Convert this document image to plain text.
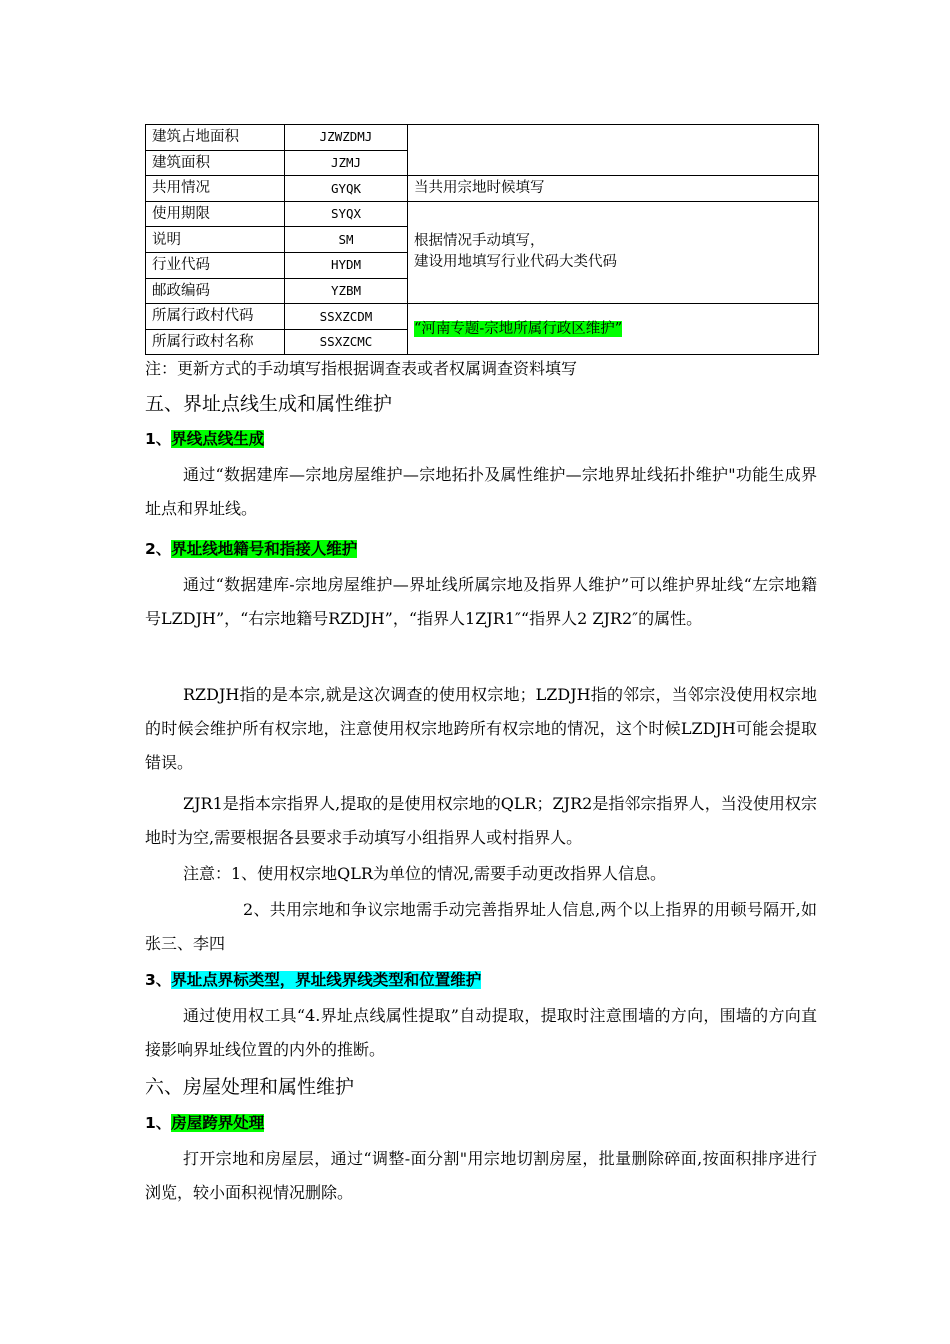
建筑占地面积	JZWZDMJ	
建筑面积	JZMJ	
共用情况	GYQK	当共用宗地时候填写
使用期限	SYQX	根据情况手动填写，
建设用地填写行业代码大类代码

说明	SM	
行业代码	HYDM	
邮政编码	YZBM	
所属行政村代码	SSXZCDM	“河南专题-宗地所属行政区维护”
所属行政村名称	SSXZCMC	
注：更新方式的手动填写指根据调查表或者权属调查资料填写
五、界址点线生成和属性维护
1、界线点线生成
通过“数据建库—宗地房屋维护—宗地拓扑及属性维护—宗地界址线拓扑维护"功能生成界址点和界址线。
2、界址线地籍号和指接人维护
通过“数据建库-宗地房屋维护—界址线所属宗地及指界人维护”可以维护界址线“左宗地籍号LZDJH”，“右宗地籍号RZDJH”，“指界人1ZJR1″“指界人2 ZJR2″的属性。
RZDJH指的是本宗,就是这次调查的使用权宗地；LZDJH指的邻宗，当邻宗没使用权宗地的时候会维护所有权宗地，注意使用权宗地跨所有权宗地的情况，这个时候LZDJH可能会提取错误。
ZJR1是指本宗指界人,提取的是使用权宗地的QLR；ZJR2是指邻宗指界人，当没使用权宗地时为空,需要根据各县要求手动填写小组指界人或村指界人。
注意：1、使用权宗地QLR为单位的情况,需要手动更改指界人信息。
2、共用宗地和争议宗地需手动完善指界址人信息,两个以上指界的用顿号隔开,如张三、李四
3、界址点界标类型，界址线界线类型和位置维护
通过使用权工具“4.界址点线属性提取”自动提取，提取时注意围墙的方向，围墙的方向直接影响界址线位置的内外的推断。
六、房屋处理和属性维护
1、房屋跨界处理
打开宗地和房屋层，通过“调整-面分割"用宗地切割房屋，批量删除碎面,按面积排序进行浏览，较小面积视情况删除。
